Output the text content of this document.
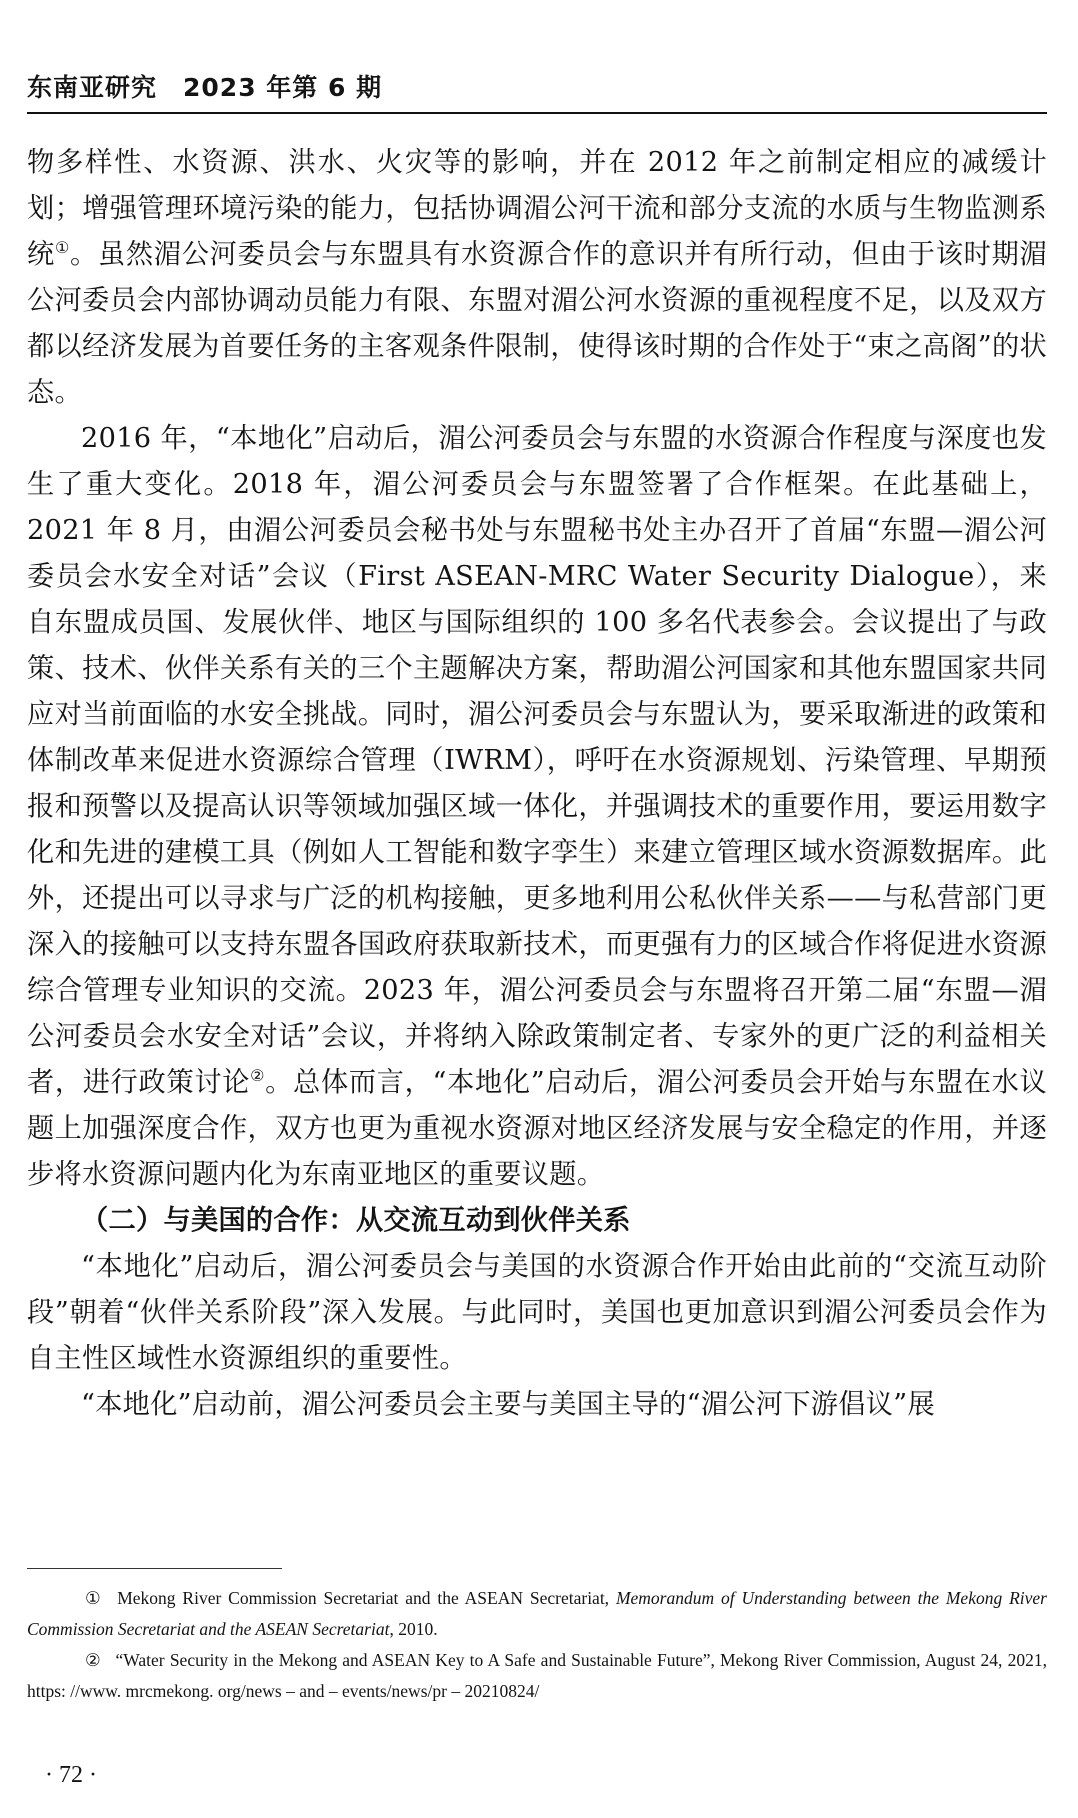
东南亚研究 2023 年第 6 期

物多样性、水资源、洪水、火灾等的影响，并在 2012 年之前制定相应的减缓计划；增强管理环境污染的能力，包括协调湄公河干流和部分支流的水质与生物监测系统①。虽然湄公河委员会与东盟具有水资源合作的意识并有所行动，但由于该时期湄公河委员会内部协调动员能力有限、东盟对湄公河水资源的重视程度不足，以及双方都以经济发展为首要任务的主客观条件限制，使得该时期的合作处于“束之高阁”的状态。

2016 年，“本地化”启动后，湄公河委员会与东盟的水资源合作程度与深度也发生了重大变化。2018 年，湄公河委员会与东盟签署了合作框架。在此基础上，2021 年 8 月，由湄公河委员会秘书处与东盟秘书处主办召开了首届“东盟—湄公河委员会水安全对话”会议（First ASEAN-MRC Water Security Dialogue），来自东盟成员国、发展伙伴、地区与国际组织的 100 多名代表参会。会议提出了与政策、技术、伙伴关系有关的三个主题解决方案，帮助湄公河国家和其他东盟国家共同应对当前面临的水安全挑战。同时，湄公河委员会与东盟认为，要采取渐进的政策和体制改革来促进水资源综合管理（IWRM），呼吁在水资源规划、污染管理、早期预报和预警以及提高认识等领域加强区域一体化，并强调技术的重要作用，要运用数字化和先进的建模工具（例如人工智能和数字孪生）来建立管理区域水资源数据库。此外，还提出可以寻求与广泛的机构接触，更多地利用公私伙伴关系——与私营部门更深入的接触可以支持东盟各国政府获取新技术，而更强有力的区域合作将促进水资源综合管理专业知识的交流。2023 年，湄公河委员会与东盟将召开第二届“东盟—湄公河委员会水安全对话”会议，并将纳入除政策制定者、专家外的更广泛的利益相关者，进行政策讨论②。总体而言，“本地化”启动后，湄公河委员会开始与东盟在水议题上加强深度合作，双方也更为重视水资源对地区经济发展与安全稳定的作用，并逐步将水资源问题内化为东南亚地区的重要议题。

（二）与美国的合作：从交流互动到伙伴关系

“本地化”启动后，湄公河委员会与美国的水资源合作开始由此前的“交流互动阶段”朝着“伙伴关系阶段”深入发展。与此同时，美国也更加意识到湄公河委员会作为自主性区域性水资源组织的重要性。

“本地化”启动前，湄公河委员会主要与美国主导的“湄公河下游倡议”展

① Mekong River Commission Secretariat and the ASEAN Secretariat, Memorandum of Understanding between the Mekong River Commission Secretariat and the ASEAN Secretariat, 2010.

② “Water Security in the Mekong and ASEAN Key to A Safe and Sustainable Future”, Mekong River Commission, August 24, 2021, https: //www. mrcmekong. org/news – and – events/news/pr – 20210824/

· 72 ·
